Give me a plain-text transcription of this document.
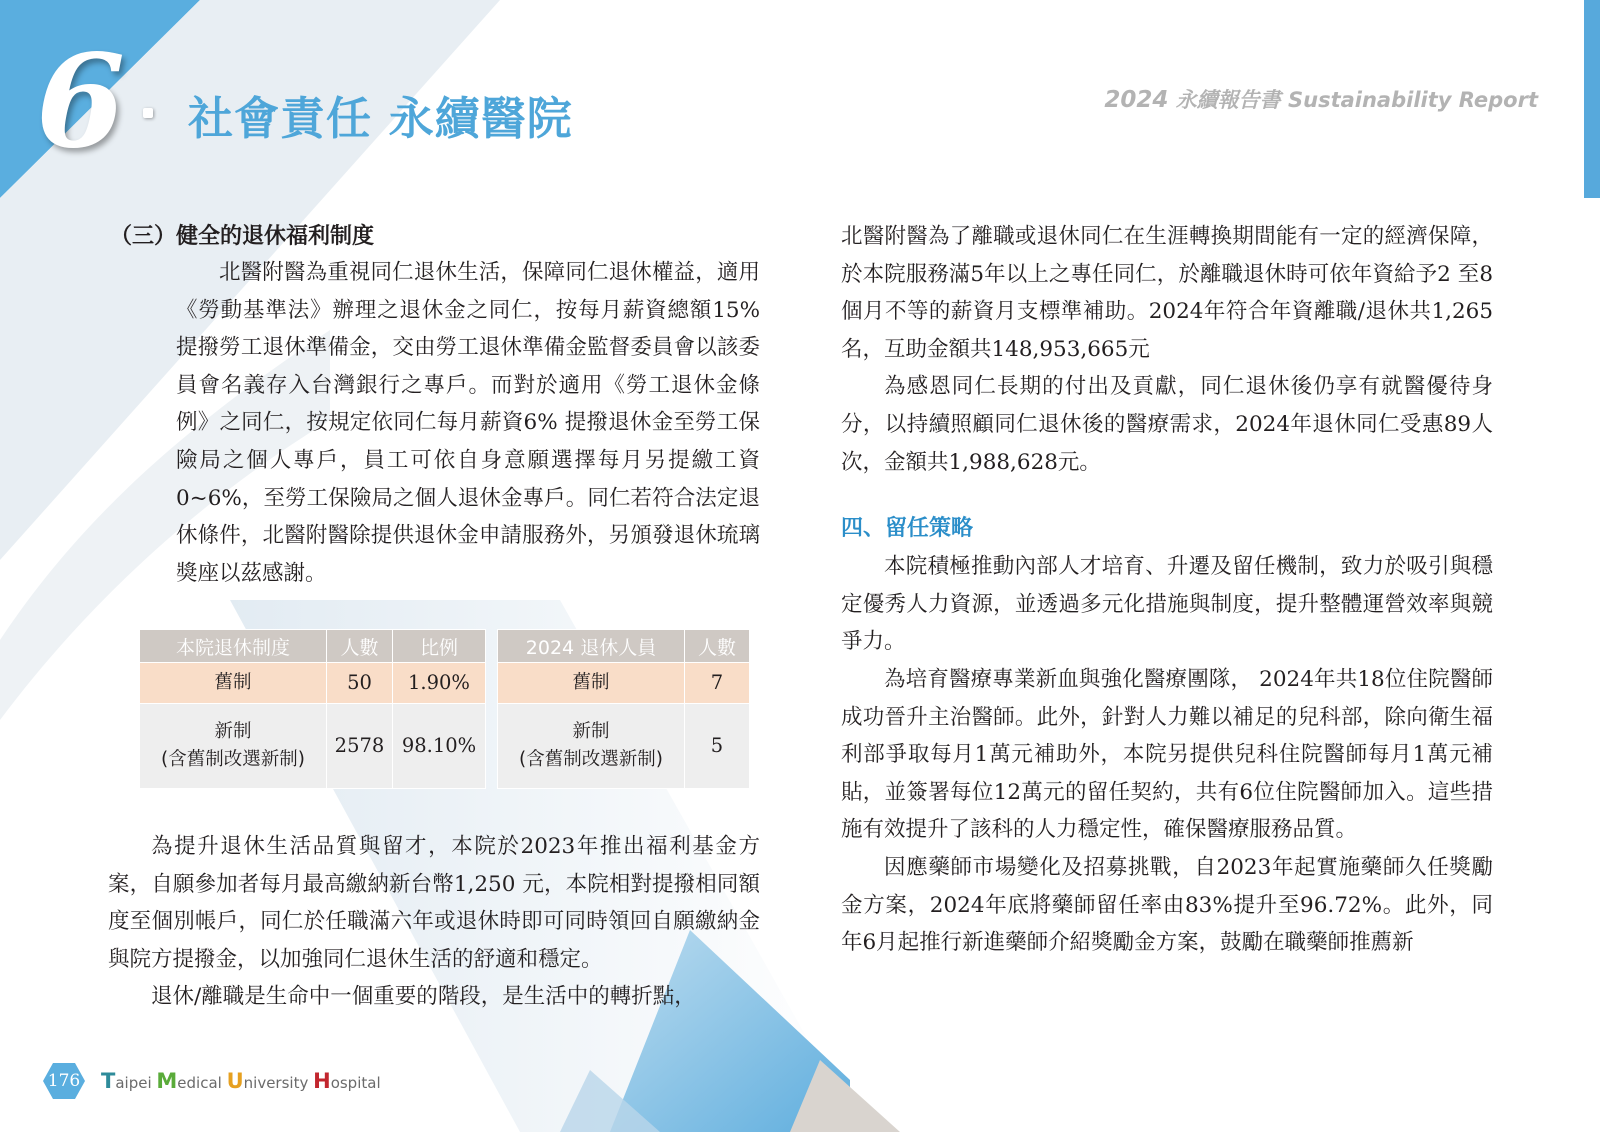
6 社會責任 永續醫院	2024 永續報告書 Sustainability Report
（三）健全的退休福利制度

北醫附醫為重視同仁退休生活，保障同仁退休權益，適用《勞動基準法》辦理之退休金之同仁，按每月薪資總額15%提撥勞工退休準備金，交由勞工退休準備金監督委員會以該委員會名義存入台灣銀行之專戶。而對於適用《勞工退休金條例》之同仁，按規定依同仁每月薪資6% 提撥退休金至勞工保險局之個人專戶，員工可依自身意願選擇每月另提繳工資0~6%，至勞工保險局之個人退休金專戶。同仁若符合法定退休條件，北醫附醫除提供退休金申請服務外，另頒發退休琉璃獎座以茲感謝。

本院退休制度	人數	比例
舊制	50	1.90%

新制
(含舊制改選新制)	2578	98.10%
2024 退休人員	人數
舊制	7

新制
(含舊制改選新制)	5

為提升退休生活品質與留才，本院於2023年推出福利基金方案，自願參加者每月最高繳納新台幣1,250 元，本院相對提撥相同額度至個別帳戶，同仁於任職滿六年或退休時即可同時領回自願繳納金與院方提撥金，以加強同仁退休生活的舒適和穩定。

退休/離職是生命中一個重要的階段，是生活中的轉折點，

北醫附醫為了離職或退休同仁在生涯轉換期間能有一定的經濟保障，於本院服務滿5年以上之專任同仁，於離職退休時可依年資給予2 至8 個月不等的薪資月支標準補助。2024年符合年資離職/退休共1,265名，互助金額共148,953,665元

為感恩同仁長期的付出及貢獻，同仁退休後仍享有就醫優待身分，以持續照顧同仁退休後的醫療需求，2024年退休同仁受惠89人次，金額共1,988,628元。

四、留任策略

本院積極推動內部人才培育、升遷及留任機制，致力於吸引與穩定優秀人力資源，並透過多元化措施與制度，提升整體運營效率與競爭力。

為培育醫療專業新血與強化醫療團隊， 2024年共18位住院醫師成功晉升主治醫師。此外，針對人力難以補足的兒科部，除向衛生福利部爭取每月1萬元補助外，本院另提供兒科住院醫師每月1萬元補貼，並簽署每位12萬元的留任契約，共有6位住院醫師加入。這些措施有效提升了該科的人力穩定性，確保醫療服務品質。

因應藥師市場變化及招募挑戰，自2023年起實施藥師久任獎勵金方案，2024年底將藥師留任率由83%提升至96.72%。此外，同年6月起推行新進藥師介紹獎勵金方案，鼓勵在職藥師推薦新

176 Taipei Medical University Hospital
